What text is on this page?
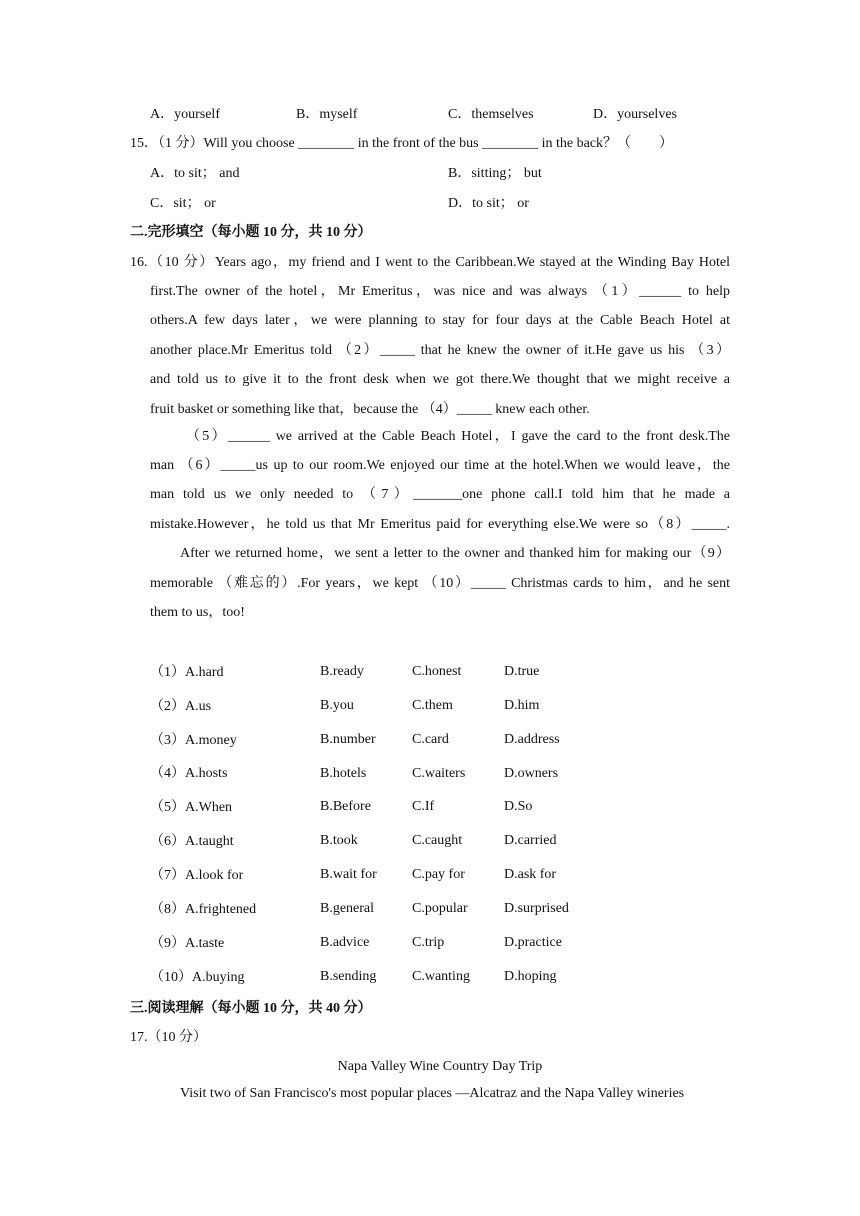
A．yourself	B．myself	C．themselves	D．yourselves
15．（1 分）Will you choose ________ in the front of the bus ________ in the back？（　　）
A．to sit； and	B．sitting； but
C．sit； or	D．to sit； or
二.完形填空（每小题 10 分，共 10 分）
16.（10 分）Years ago，my friend and I went to the Caribbean.We stayed at the Winding Bay Hotel
first.The owner of the hotel，Mr Emeritus，was nice and was always （1）______ to help
others.A few days later，we were planning to stay for four days at the Cable Beach Hotel at
another place.Mr Emeritus told （2）_____ that he knew the owner of it.He gave us his （3）
and told us to give it to the front desk when we got there.We thought that we might receive a
fruit basket or something like that，because the （4）_____ knew each other.
（5）______ we arrived at the Cable Beach Hotel，I gave the card to the front desk.The
man （6）_____us up to our room.We enjoyed our time at the hotel.When we would leave，the
man told us we only needed to （7）_______one phone call.I told him that he made a
mistake.However，he told us that Mr Emeritus paid for everything else.We were so（8）_____.
After we returned home，we sent a letter to the owner and thanked him for making our（9）
memorable （难忘的）.For years，we kept （10）_____ Christmas cards to him，and he sent
them to us，too!
（1）A.hard	B.ready	C.honest	D.true
（2）A.us	B.you	C.them	D.him
（3）A.money	B.number	C.card	D.address
（4）A.hosts	B.hotels	C.waiters	D.owners
（5）A.When	B.Before	C.If	D.So
（6）A.taught	B.took	C.caught	D.carried
（7）A.look for	B.wait for	C.pay for	D.ask for
（8）A.frightened	B.general	C.popular	D.surprised
（9）A.taste	B.advice	C.trip	D.practice
（10）A.buying	B.sending	C.wanting D.hoping
三.阅读理解（每小题 10 分，共 40 分）
17.（10 分）
Napa Valley Wine Country Day Trip
Visit two of San Francisco's most popular places —Alcatraz and the Napa Valley wineries
